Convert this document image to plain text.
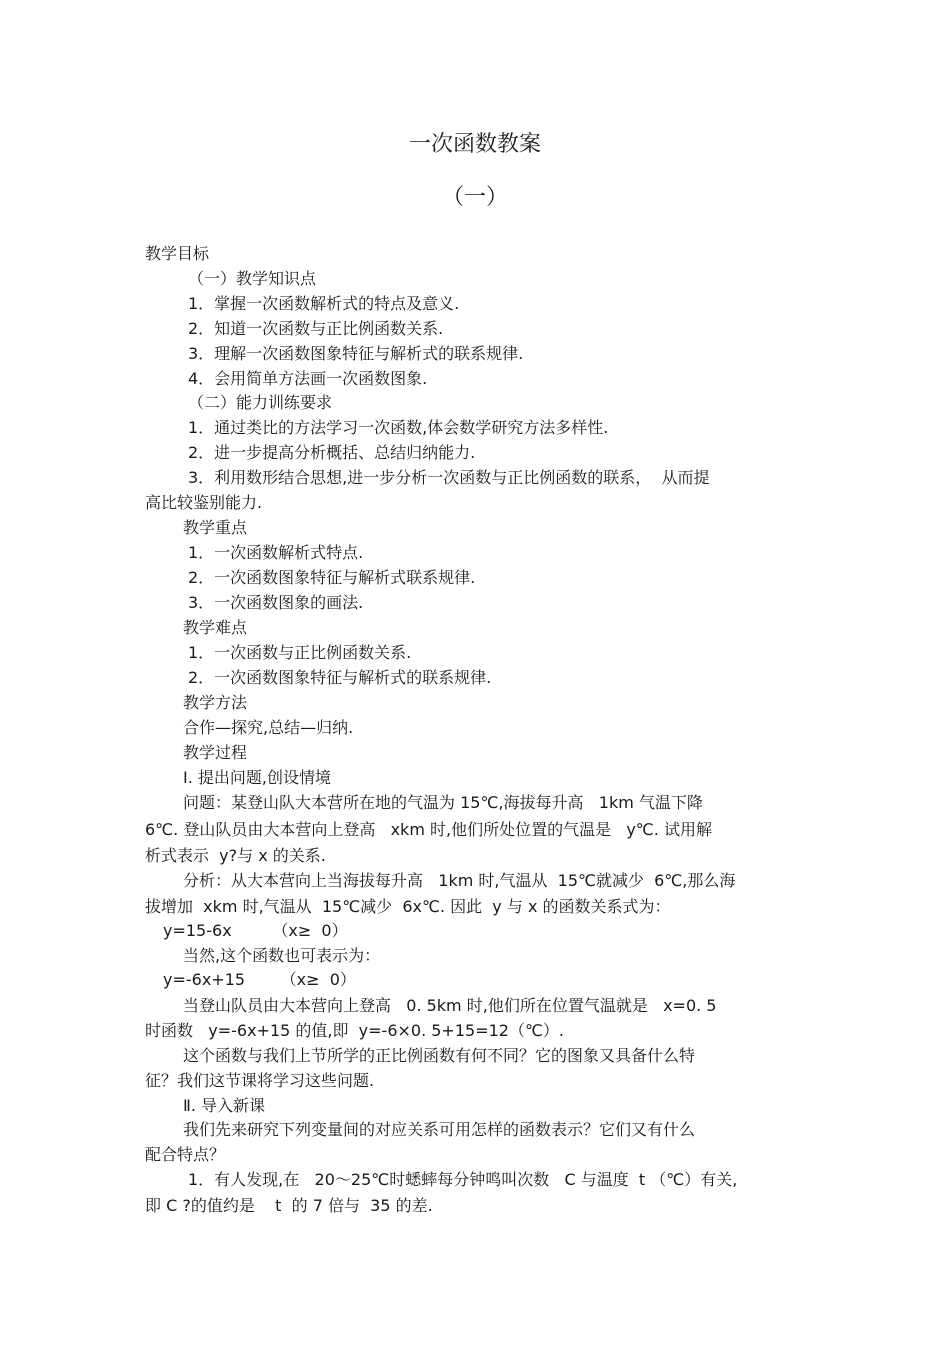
一次函数教案
（一）
教学目标
（一）教学知识点
1．掌握一次函数解析式的特点及意义.
2．知道一次函数与正比例函数关系.
3．理解一次函数图象特征与解析式的联系规律.
4．会用简单方法画一次函数图象.
（二）能力训练要求
1．通过类比的方法学习一次函数,体会数学研究方法多样性.
2．进一步提高分析概括、总结归纳能力.
3．利用数形结合思想,进一步分析一次函数与正比例函数的联系，  从而提
高比较鉴别能力.
教学重点
1．一次函数解析式特点.
2．一次函数图象特征与解析式联系规律.
3．一次函数图象的画法.
教学难点
1．一次函数与正比例函数关系.
2．一次函数图象特征与解析式的联系规律.
教学方法
合作—探究,总结—归纳.
教学过程
Ⅰ. 提出问题,创设情境
问题：某登山队大本营所在地的气温为 15℃,海拔每升高   1km 气温下降
6℃. 登山队员由大本营向上登高   xkm 时,他们所处位置的气温是   y℃. 试用解
析式表示  y?与 x 的关系.
分析：从大本营向上当海拔每升高   1km 时,气温从  15℃就减少  6℃,那么海
拔增加  xkm 时,气温从  15℃减少  6x℃. 因此  y 与 x 的函数关系式为：
y=15-6x        （x≥  0）
当然,这个函数也可表示为：
y=-6x+15       （x≥  0）
当登山队员由大本营向上登高   0. 5km 时,他们所在位置气温就是   x=0. 5
时函数   y=-6x+15 的值,即  y=-6×0. 5+15=12（℃）.
这个函数与我们上节所学的正比例函数有何不同？它的图象又具备什么特
征？我们这节课将学习这些问题.
Ⅱ. 导入新课
我们先来研究下列变量间的对应关系可用怎样的函数表示？它们又有什么
配合特点？
1．有人发现,在   20～25℃时蟋蟀每分钟鸣叫次数   C 与温度  t （℃）有关,
即 C ?的值约是    t  的 7 倍与  35 的差.
